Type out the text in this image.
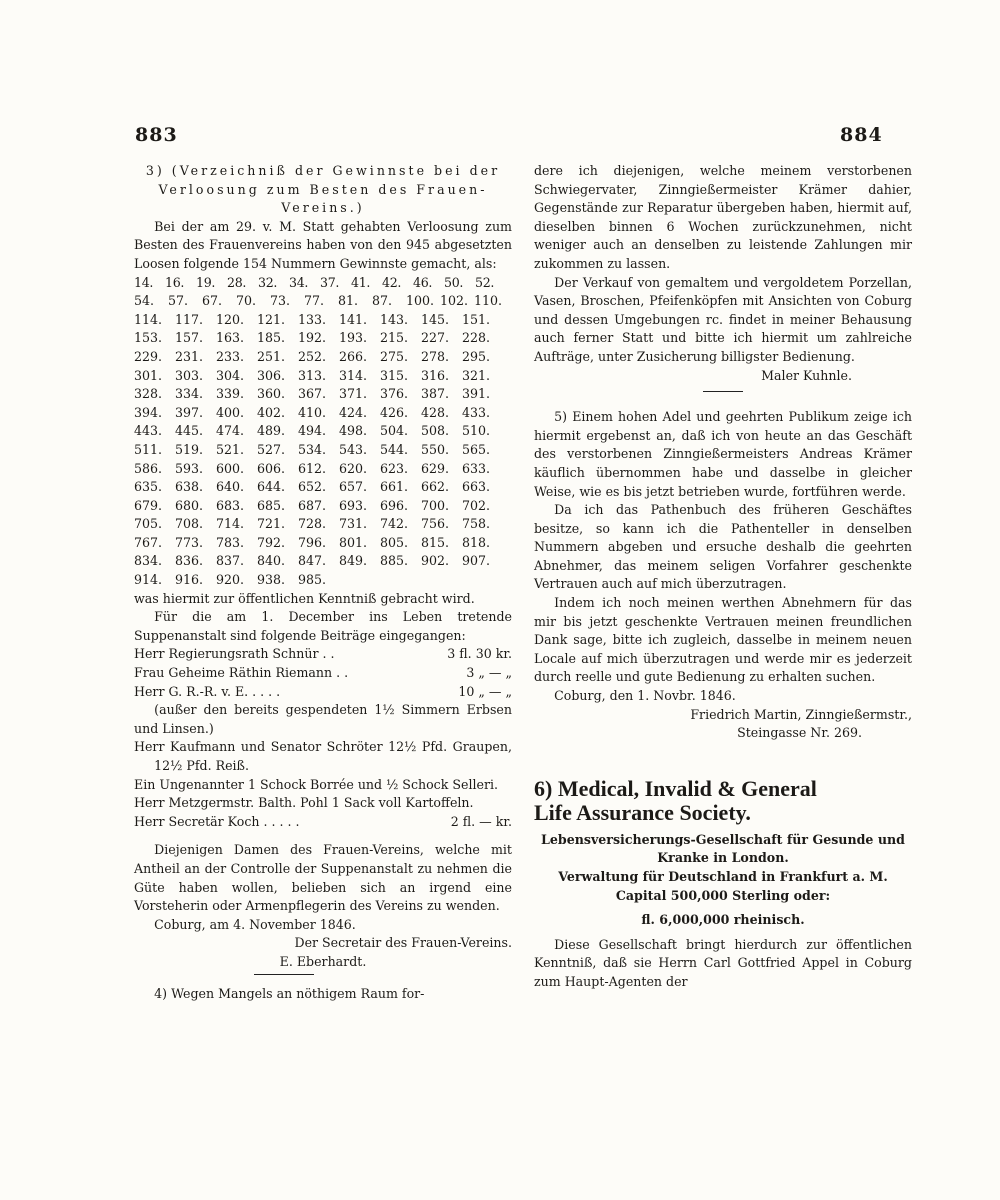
883	884

3) (Verzeichniß der Gewinnste bei der Verloosung zum Besten des Frauen-Vereins.)

Bei der am 29. v. M. Statt gehabten Verloosung zum Besten des Frauenvereins haben von den 945 abgesetzten Loosen folgende 154 Nummern Gewinnste gemacht, als:

14. 16. 19. 28. 32. 34. 37. 41. 42. 46. 50. 52.
54. 57. 67. 70. 73. 77. 81. 87. 100. 102. 110.
114. 117. 120. 121. 133. 141. 143. 145. 151.
153. 157. 163. 185. 192. 193. 215. 227. 228.
229. 231. 233. 251. 252. 266. 275. 278. 295.
301. 303. 304. 306. 313. 314. 315. 316. 321.
328. 334. 339. 360. 367. 371. 376. 387. 391.
394. 397. 400. 402. 410. 424. 426. 428. 433.
443. 445. 474. 489. 494. 498. 504. 508. 510.
511. 519. 521. 527. 534. 543. 544. 550. 565.
586. 593. 600. 606. 612. 620. 623. 629. 633.
635. 638. 640. 644. 652. 657. 661. 662. 663.
679. 680. 683. 685. 687. 693. 696. 700. 702.
705. 708. 714. 721. 728. 731. 742. 756. 758.
767. 773. 783. 792. 796. 801. 805. 815. 818.
834. 836. 837. 840. 847. 849. 885. 902. 907.
914. 916. 920. 938. 985.

was hiermit zur öffentlichen Kenntniß gebracht wird.

Für die am 1. December ins Leben tretende Suppenanstalt sind folgende Beiträge eingegangen:

Herr Regierungsrath Schnür . .	3 fl. 30 kr.
Frau Geheime Räthin Riemann . .	3 „ — „
Herr G. R.-R. v. E. . . . .	10 „ — „

(außer den bereits gespendeten 1½ Simmern Erbsen und Linsen.)

Herr Kaufmann und Senator Schröter 12½ Pfd. Graupen, 12½ Pfd. Reiß.

Ein Ungenannter 1 Schock Borrée und ½ Schock Selleri.

Herr Metzgermstr. Balth. Pohl 1 Sack voll Kartoffeln.

Herr Secretär Koch . . . . .	2 fl. — kr.

Diejenigen Damen des Frauen-Vereins, welche mit Antheil an der Controlle der Suppenanstalt zu nehmen die Güte haben wollen, belieben sich an irgend eine Vorsteherin oder Armenpflegerin des Vereins zu wenden.

Coburg, am 4. November 1846.

Der Secretair des Frauen-Vereins.

E. Eberhardt.

4) Wegen Mangels an nöthigem Raum for-

dere ich diejenigen, welche meinem verstorbenen Schwiegervater, Zinngießermeister Krämer dahier, Gegenstände zur Reparatur übergeben haben, hiermit auf, dieselben binnen 6 Wochen zurückzunehmen, nicht weniger auch an denselben zu leistende Zahlungen mir zukommen zu lassen.

Der Verkauf von gemaltem und vergoldetem Porzellan, Vasen, Broschen, Pfeifenköpfen mit Ansichten von Coburg und dessen Umgebungen rc. findet in meiner Behausung auch ferner Statt und bitte ich hiermit um zahlreiche Aufträge, unter Zusicherung billigster Bedienung.

Maler Kuhnle.

5) Einem hohen Adel und geehrten Publikum zeige ich hiermit ergebenst an, daß ich von heute an das Geschäft des verstorbenen Zinngießermeisters Andreas Krämer käuflich übernommen habe und dasselbe in gleicher Weise, wie es bis jetzt betrieben wurde, fortführen werde.

Da ich das Pathenbuch des früheren Geschäftes besitze, so kann ich die Pathenteller in denselben Nummern abgeben und ersuche deshalb die geehrten Abnehmer, das meinem seligen Vorfahrer geschenkte Vertrauen auch auf mich überzutragen.

Indem ich noch meinen werthen Abnehmern für das mir bis jetzt geschenkte Vertrauen meinen freundlichen Dank sage, bitte ich zugleich, dasselbe in meinem neuen Locale auf mich überzutragen und werde mir es jederzeit durch reelle und gute Bedienung zu erhalten suchen.

Coburg, den 1. Novbr. 1846.

Friedrich Martin, Zinngießermstr.,

Steingasse Nr. 269.

6) Medical, Invalid & General

Life Assurance Society.

Lebensversicherungs-Gesellschaft für Gesunde und Kranke in London.

Verwaltung für Deutschland in Frankfurt a. M.

Capital 500,000 Sterling oder:

fl. 6,000,000 rheinisch.

Diese Gesellschaft bringt hierdurch zur öffentlichen Kenntniß, daß sie Herrn Carl Gottfried Appel in Coburg zum Haupt-Agenten der
